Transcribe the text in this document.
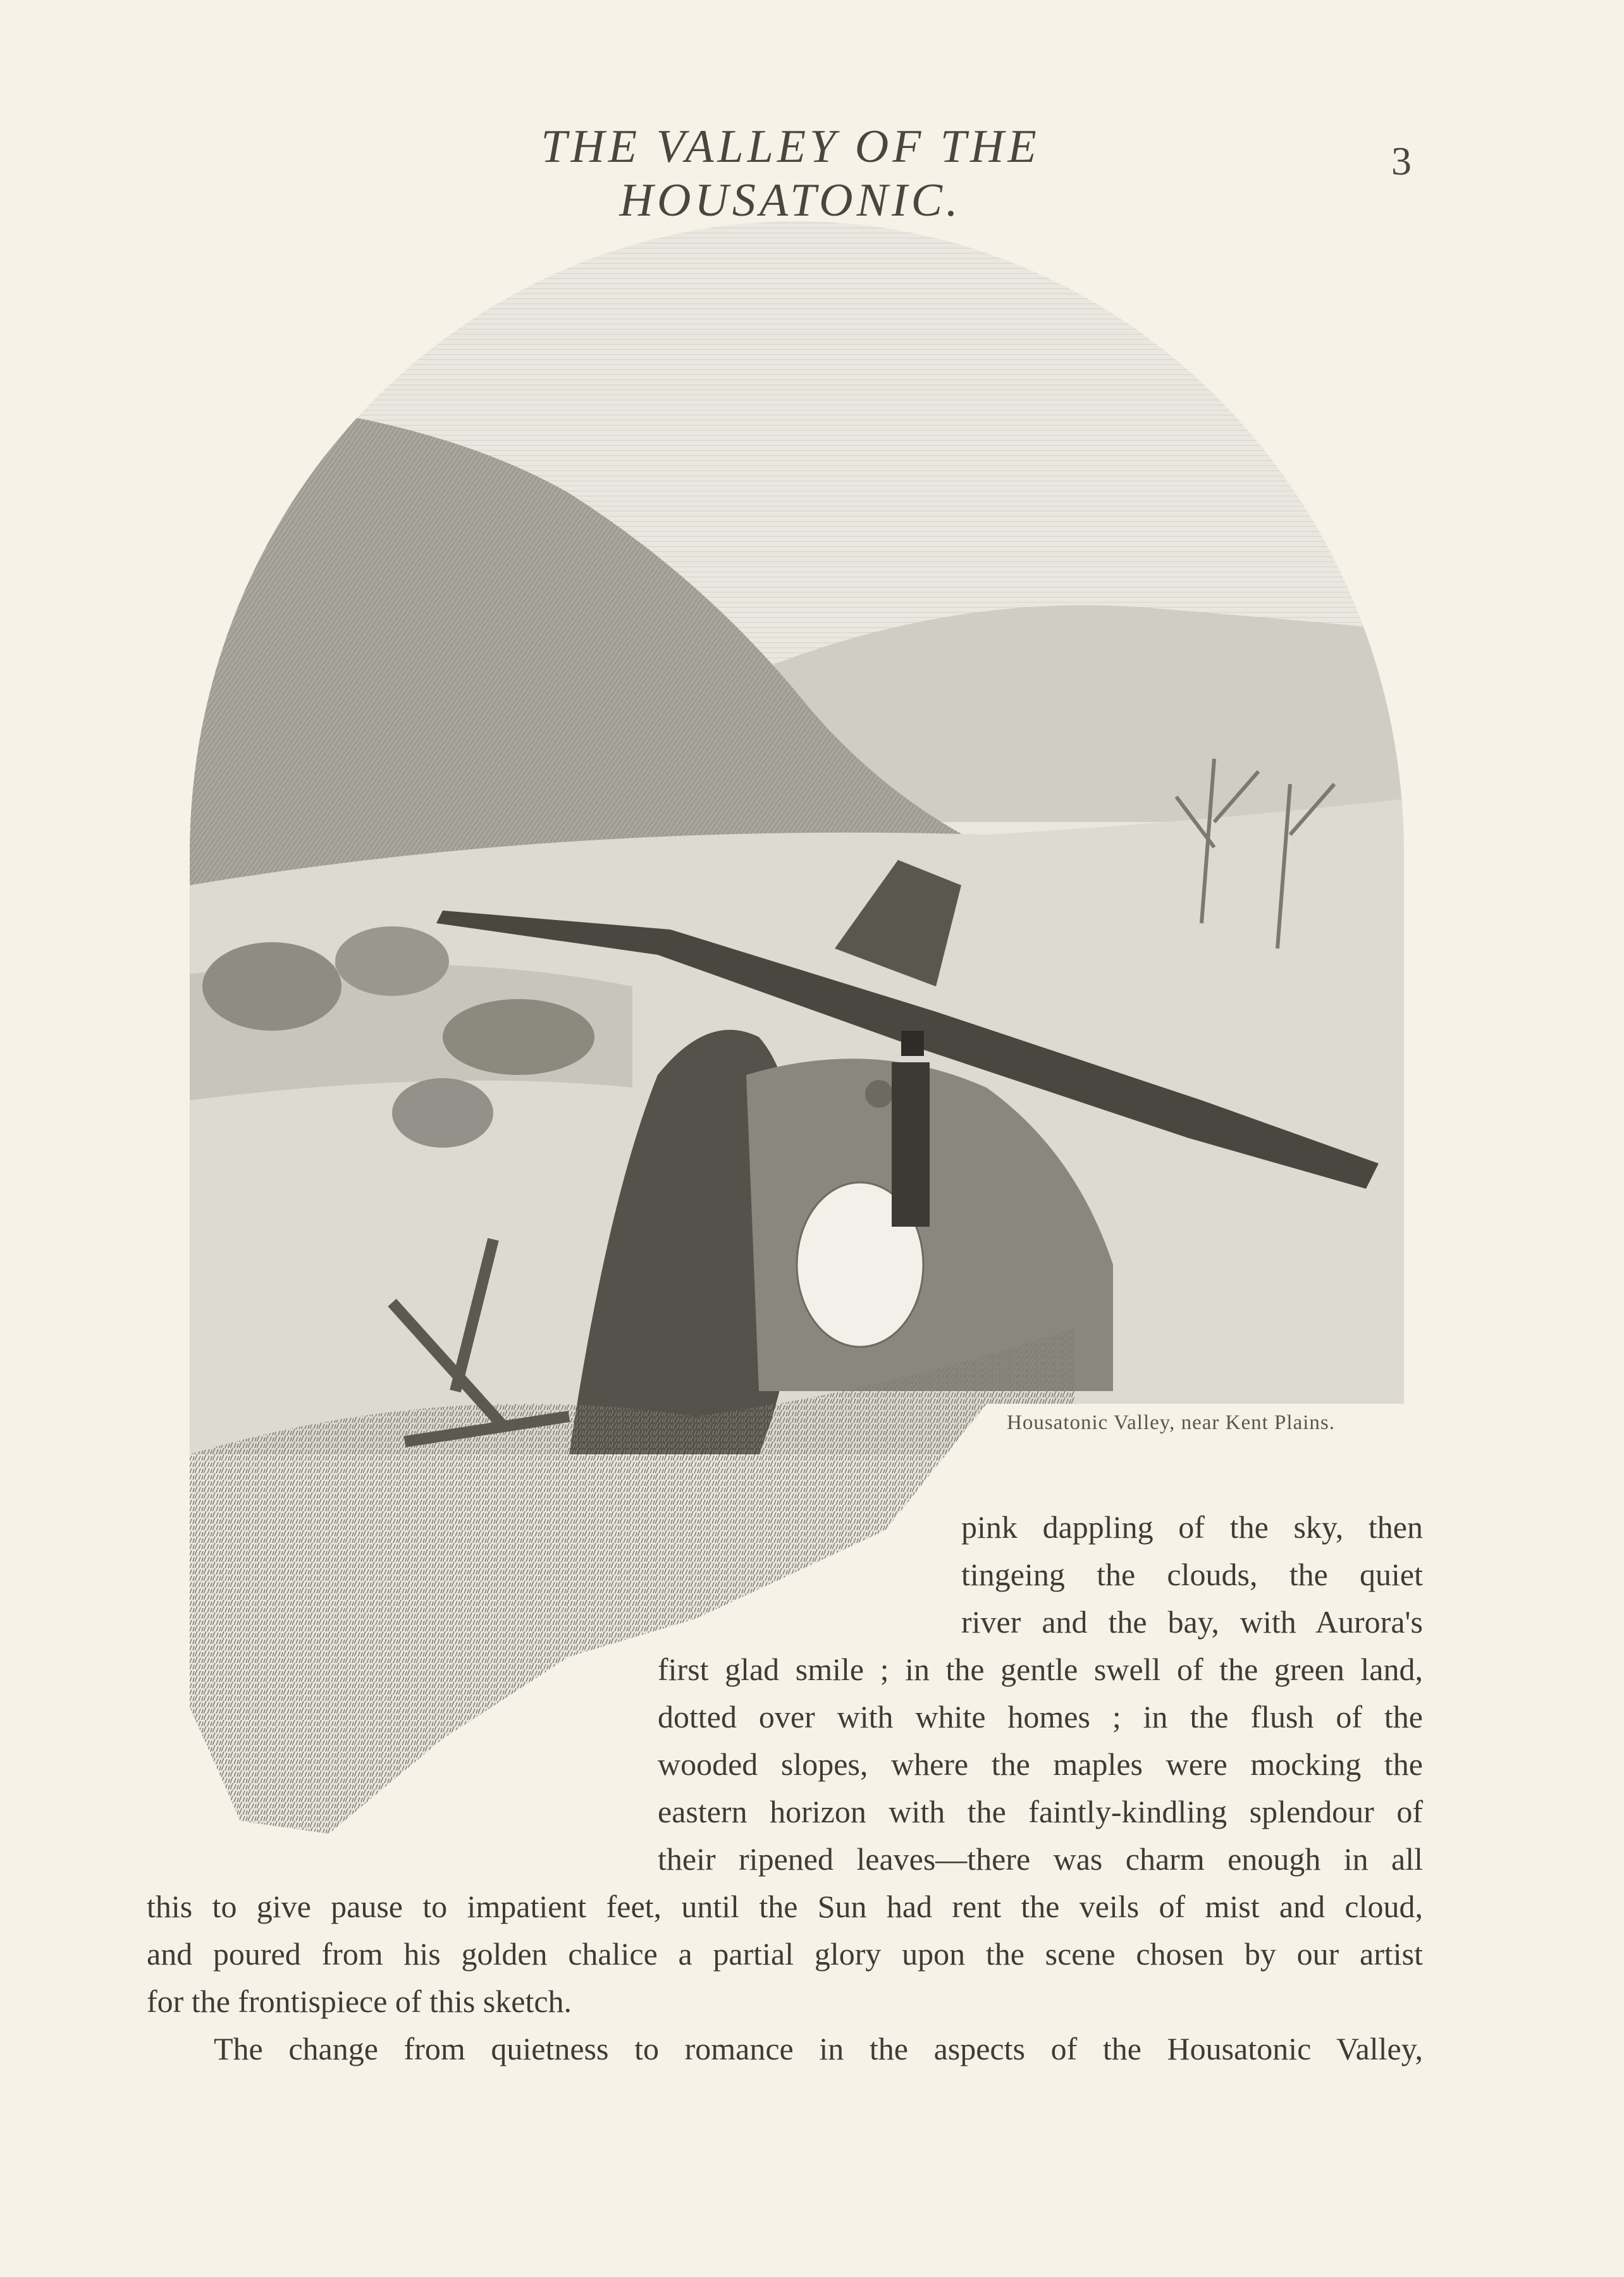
THE VALLEY OF THE HOUSATONIC.
3
Housatonic Valley, near Kent Plains.
pink dappling of the sky, then
tingeing the clouds, the quiet
river and the bay, with Aurora's
first glad smile ; in the gentle swell of the green land,
dotted over with white homes ; in the flush of the
wooded slopes, where the maples were mocking the
eastern horizon with the faintly-kindling splendour of
their ripened leaves—there was charm enough in all
this to give pause to impatient feet, until the Sun had rent the veils of mist and cloud,
and poured from his golden chalice a partial glory upon the scene chosen by our artist
for the frontispiece of this sketch.
The change from quietness to romance in the aspects of the Housatonic Valley,
